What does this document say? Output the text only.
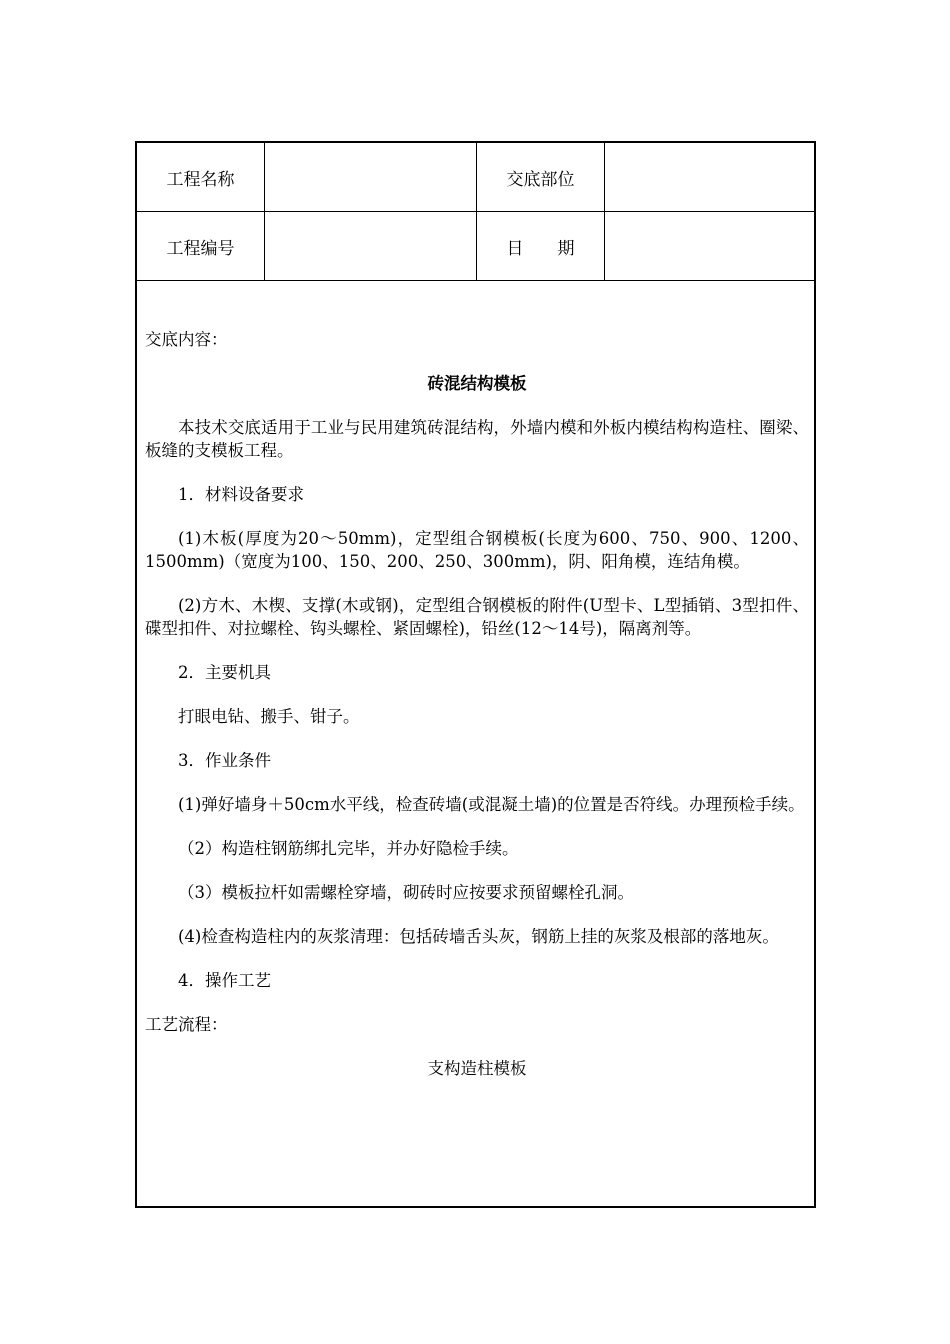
工程名称	交底部位
工程编号	日　　期

交底内容：

砖混结构模板

本技术交底适用于工业与民用建筑砖混结构，外墙内模和外板内模结构构造柱、圈梁、板缝的支模板工程。

1．材料设备要求

(1)木板(厚度为20～50mm)，定型组合钢模板(长度为600、750、900、1200、1500mm)（宽度为100、150、200、250、300mm)，阴、阳角模，连结角模。

(2)方木、木楔、支撑(木或钢)，定型组合钢模板的附件(U型卡、L型插销、3型扣件、碟型扣件、对拉螺栓、钩头螺栓、紧固螺栓)，铅丝(12～14号)，隔离剂等。

2．主要机具

打眼电钻、搬手、钳子。

3．作业条件

(1)弹好墙身＋50cm水平线，检查砖墙(或混凝土墙)的位置是否符线。办理预检手续。

（2）构造柱钢筋绑扎完毕，并办好隐检手续。

（3）模板拉杆如需螺栓穿墙，砌砖时应按要求预留螺栓孔洞。

(4)检查构造柱内的灰浆清理：包括砖墙舌头灰，钢筋上挂的灰浆及根部的落地灰。

4．操作工艺

工艺流程：

支构造柱模板
